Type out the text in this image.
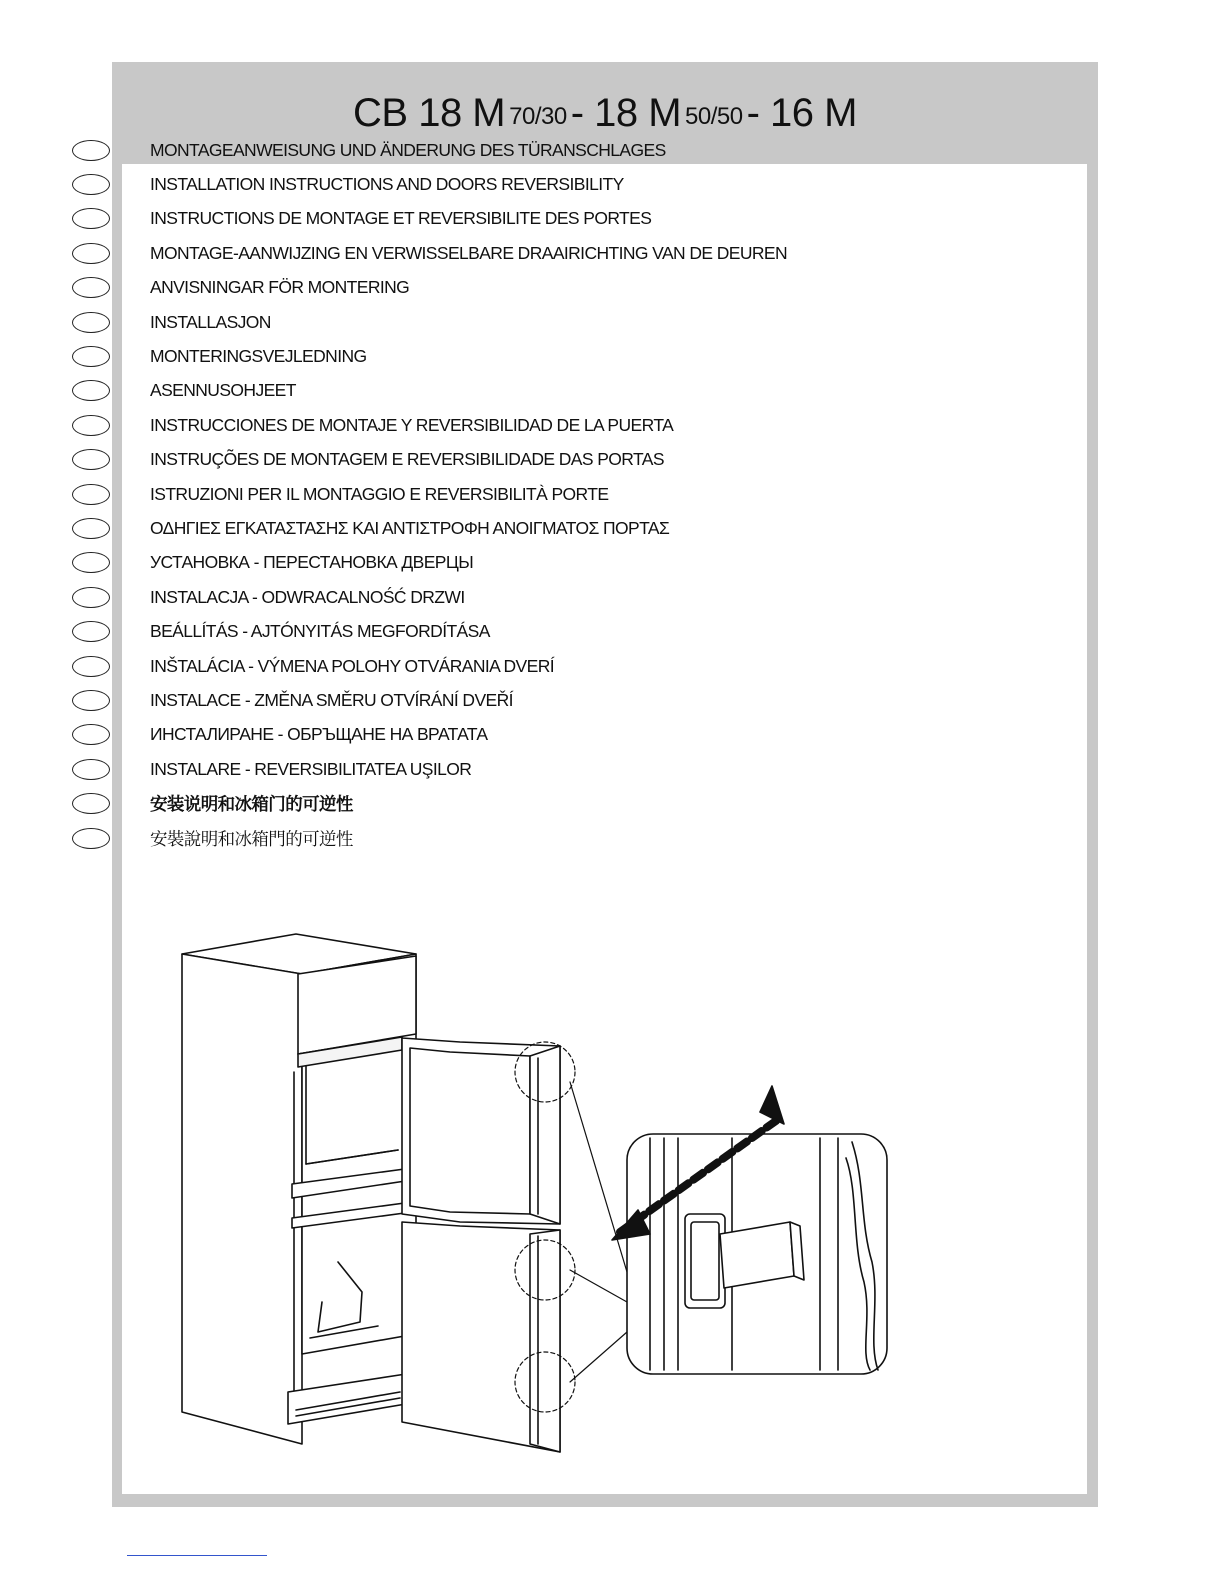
CB 18 M 70/30 - 18 M 50/50 - 16 M
MONTAGEANWEISUNG UND ÄNDERUNG DES TÜRANSCHLAGES
INSTALLATION INSTRUCTIONS AND DOORS REVERSIBILITY
INSTRUCTIONS DE MONTAGE ET REVERSIBILITE DES PORTES
MONTAGE-AANWIJZING EN VERWISSELBARE DRAAIRICHTING VAN DE DEUREN
ANVISNINGAR FÖR MONTERING
INSTALLASJON
MONTERINGSVEJLEDNING
ASENNUSOHJEET
INSTRUCCIONES DE MONTAJE Y REVERSIBILIDAD DE LA PUERTA
INSTRUÇÕES DE MONTAGEM E REVERSIBILIDADE DAS PORTAS
ISTRUZIONI PER IL MONTAGGIO E REVERSIBILITÀ PORTE
ΟΔΗΓΙΕΣ ΕΓΚΑΤΑΣΤΑΣΗΣ ΚΑΙ ΑΝΤΙΣΤΡΟΦΗ ΑΝΟΙΓΜΑΤΟΣ ΠΟΡΤΑΣ
УСТАНОВКА - ПЕРЕСТАНОВКА ДВЕРЦЫ
INSTALACJA - ODWRACALNOŚĆ DRZWI
BEÁLLÍTÁS - AJTÓNYITÁS MEGFORDÍTÁSA
INŠTALÁCIA - VÝMENA POLOHY OTVÁRANIA DVERÍ
INSTALACE - ZMĚNA SMĚRU OTVÍRÁNÍ DVEŘÍ
ИНСТАЛИРАНЕ - ОБРЪЩАНЕ НА ВРАТАТА
INSTALARE - REVERSIBILITATEA UŞILOR
安装说明和冰箱门的可逆性
安裝說明和冰箱門的可逆性
